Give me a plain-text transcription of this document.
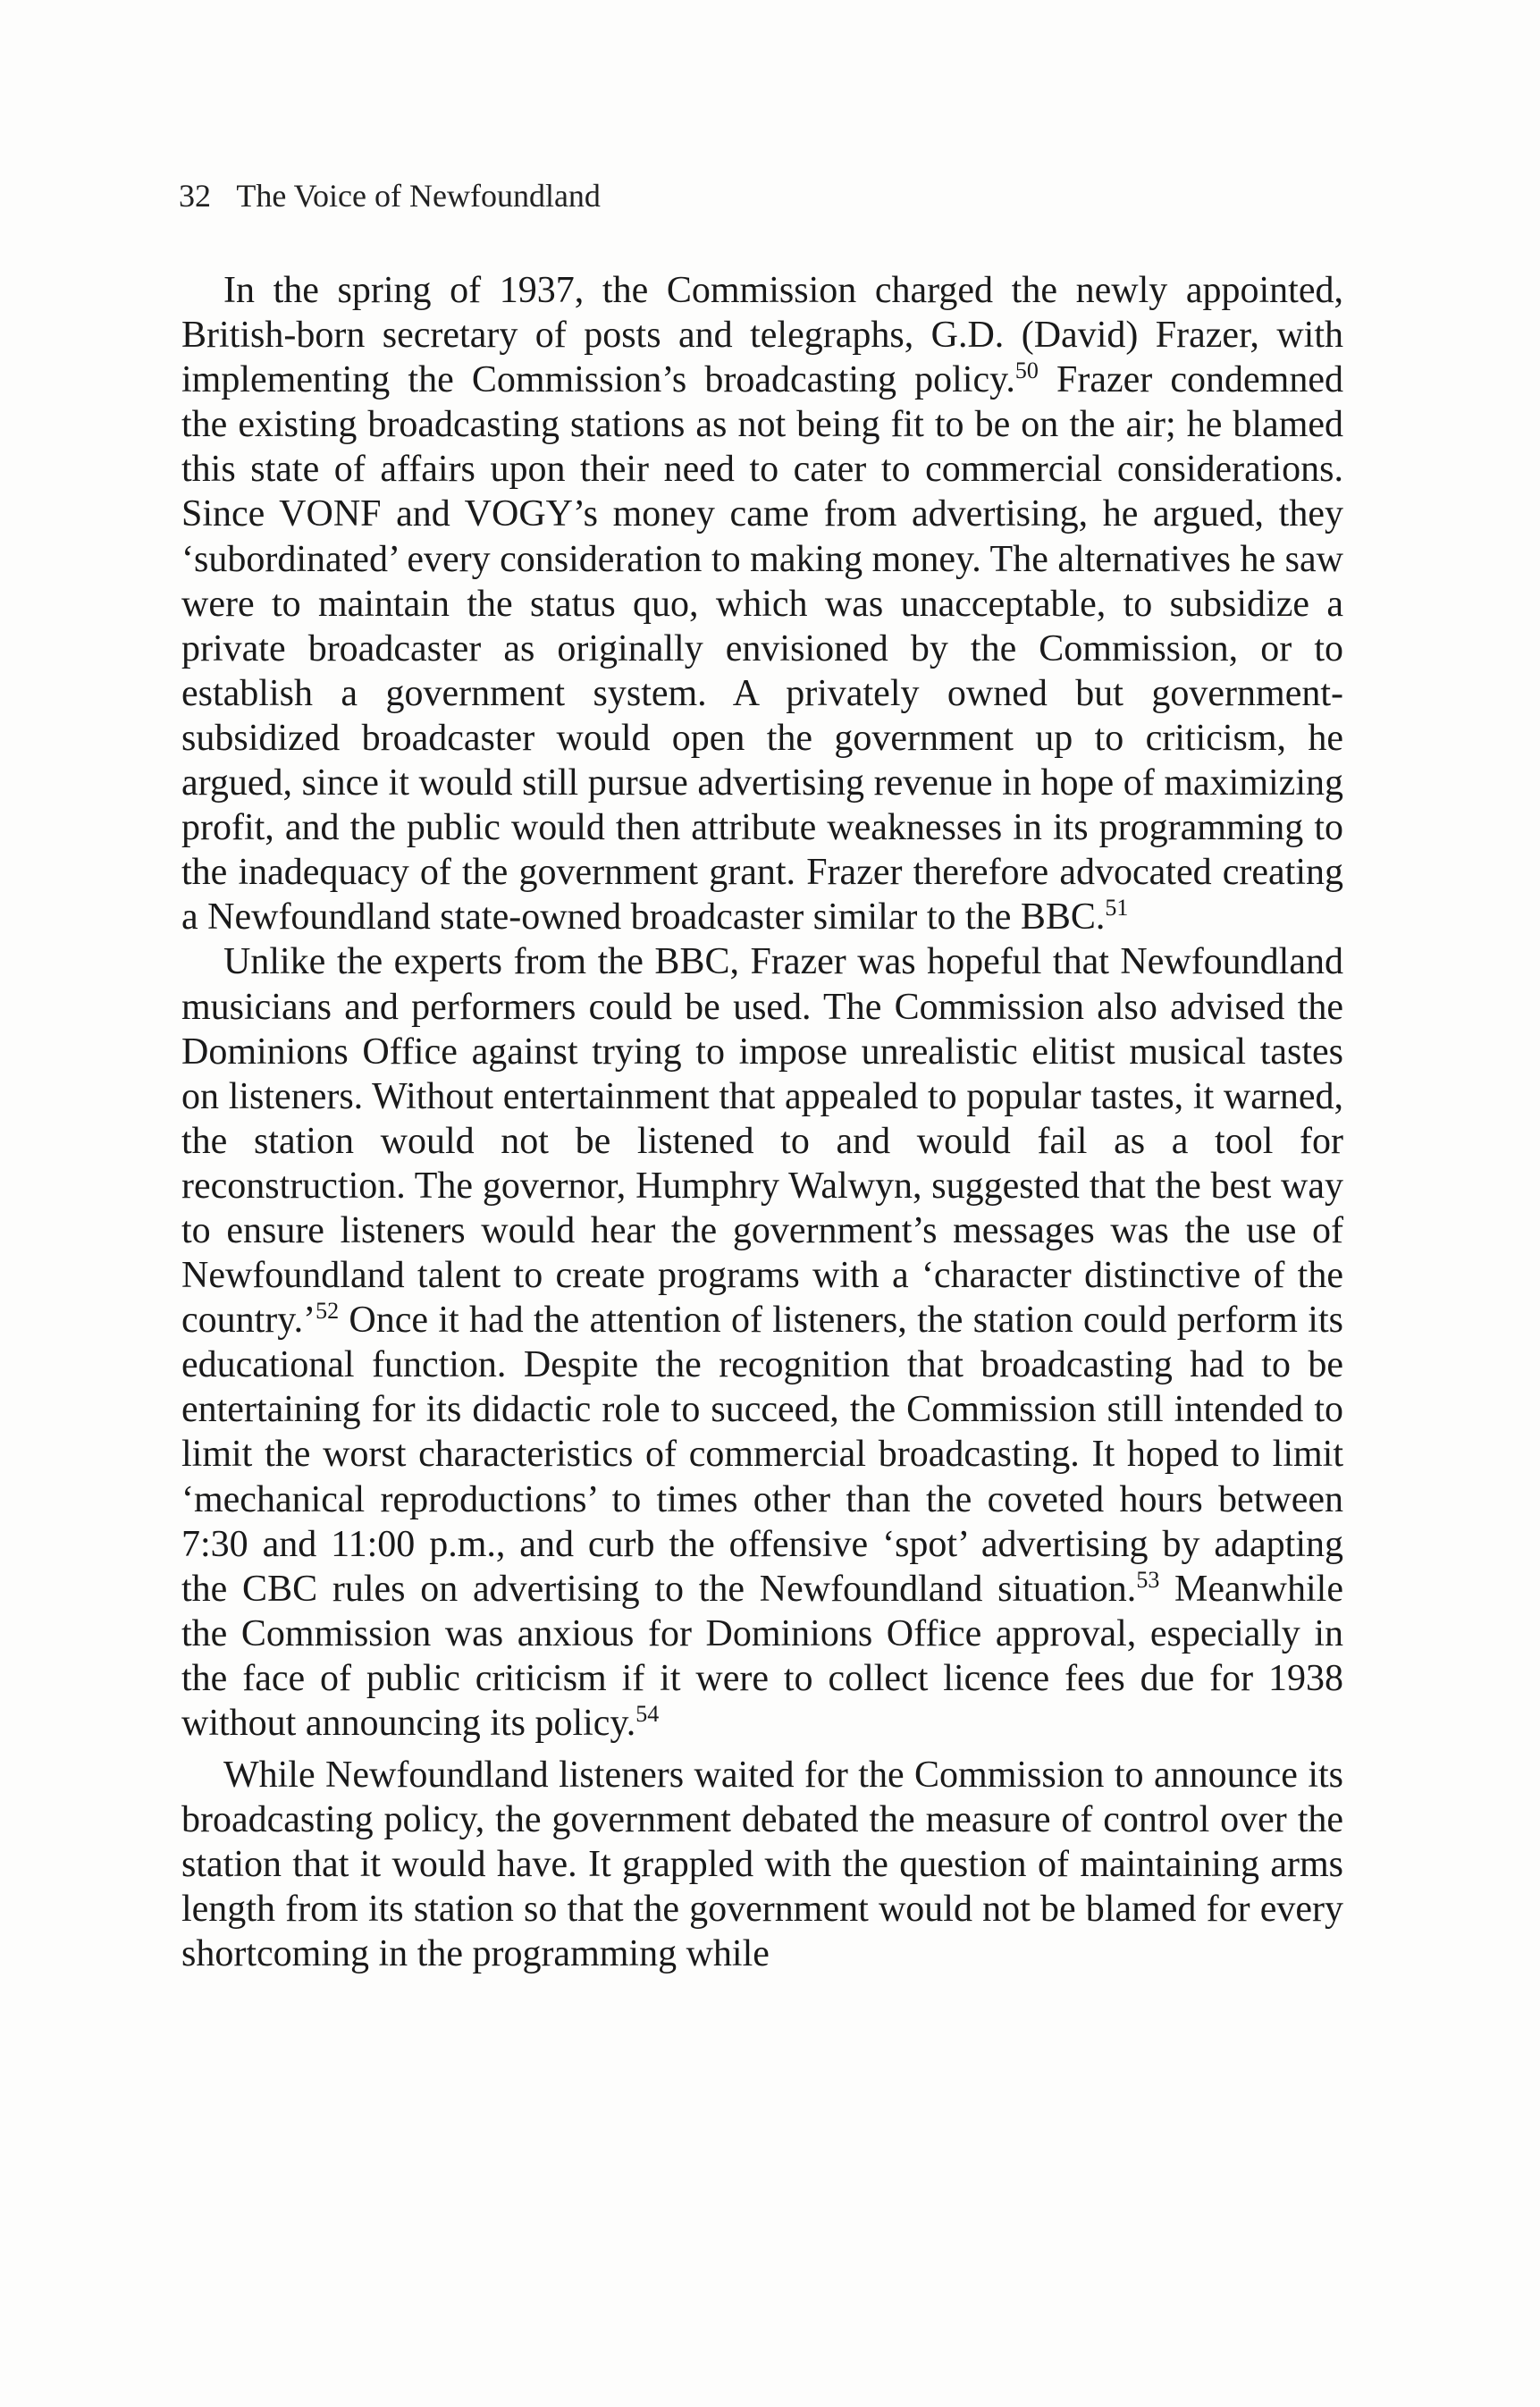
32 The Voice of Newfoundland

In the spring of 1937, the Commission charged the newly appointed, British-born secretary of posts and telegraphs, G.D. (David) Frazer, with implementing the Commission’s broadcasting policy.$^{50}$ Frazer condemned the existing broadcasting stations as not being fit to be on the air; he blamed this state of affairs upon their need to cater to commercial considerations. Since VONF and VOGY’s money came from advertising, he argued, they ‘subordinated’ every consideration to making money. The alternatives he saw were to maintain the status quo, which was unacceptable, to subsidize a private broadcaster as originally envisioned by the Commission, or to establish a government system. A privately owned but government-subsidized broadcaster would open the government up to criticism, he argued, since it would still pursue advertising revenue in hope of maximizing profit, and the public would then attribute weaknesses in its programming to the inadequacy of the government grant. Frazer therefore advocated creating a Newfoundland state-owned broadcaster similar to the BBC.$^{51}$

Unlike the experts from the BBC, Frazer was hopeful that Newfoundland musicians and performers could be used. The Commission also advised the Dominions Office against trying to impose unrealistic elitist musical tastes on listeners. Without entertainment that appealed to popular tastes, it warned, the station would not be listened to and would fail as a tool for reconstruction. The governor, Humphry Walwyn, suggested that the best way to ensure listeners would hear the government’s messages was the use of Newfoundland talent to create programs with a ‘character distinctive of the country.’$^{52}$ Once it had the attention of listeners, the station could perform its educational function. Despite the recognition that broadcasting had to be entertaining for its didactic role to succeed, the Commission still intended to limit the worst characteristics of commercial broadcasting. It hoped to limit ‘mechanical reproductions’ to times other than the coveted hours between 7:30 and 11:00 p.m., and curb the offensive ‘spot’ advertising by adapting the CBC rules on advertising to the Newfoundland situation.$^{53}$ Meanwhile the Commission was anxious for Dominions Office approval, especially in the face of public criticism if it were to collect licence fees due for 1938 without announcing its policy.$^{54}$

While Newfoundland listeners waited for the Commission to announce its broadcasting policy, the government debated the measure of control over the station that it would have. It grappled with the question of maintaining arms length from its station so that the government would not be blamed for every shortcoming in the programming while
